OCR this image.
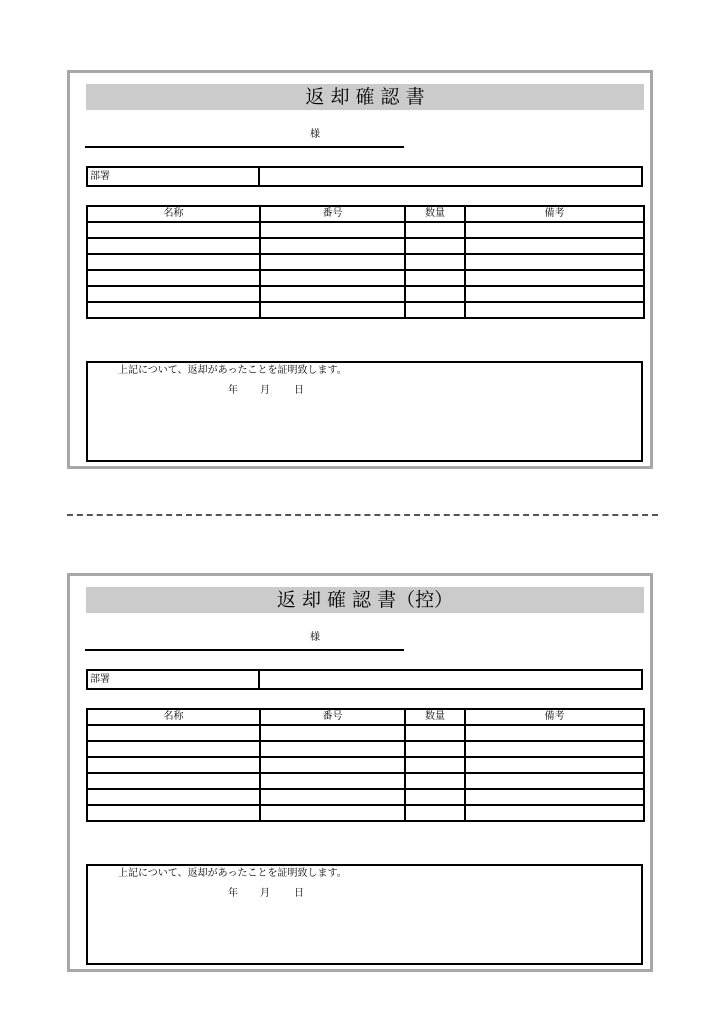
返 却 確 認 書
様
部署
名称	番号	数量	備考

上記について、返却があったことを証明致します。
年 月 日
返 却 確 認 書（控）
様
部署
名称	番号	数量	備考

上記について、返却があったことを証明致します。
年 月 日
